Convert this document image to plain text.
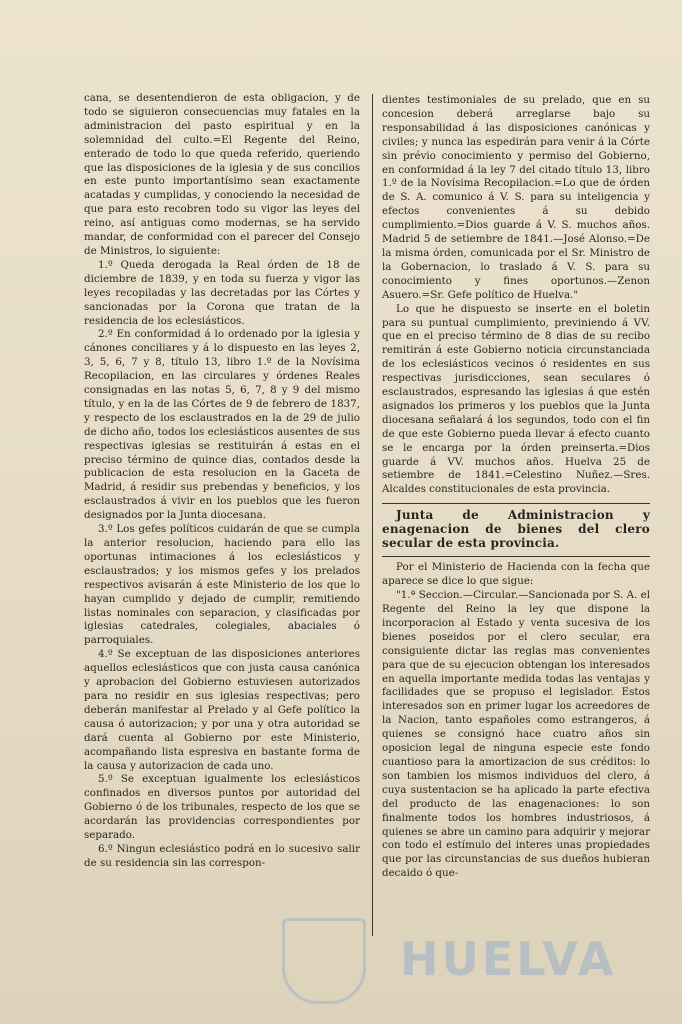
cana, se desentendieron de esta obligacion, y de todo se siguieron consecuencias muy fatales en la administracion del pasto espiritual y en la solemnidad del culto.=El Regente del Reino, enterado de todo lo que queda referido, queriendo que las disposiciones de la iglesia y de sus concilios en este punto importantísimo sean exactamente acatadas y cumplidas, y conociendo la necesidad de que para esto recobren todo su vigor las leyes del reino, así antiguas como modernas, se ha servido mandar, de conformidad con el parecer del Consejo de Ministros, lo siguiente:

1.º Queda derogada la Real órden de 18 de diciembre de 1839, y en toda su fuerza y vigor las leyes recopiladas y las decretadas por las Córtes y sancionadas por la Corona que tratan de la residencia de los eclesiásticos.

2.º En conformidad á lo ordenado por la iglesia y cánones conciliares y á lo dispuesto en las leyes 2, 3, 5, 6, 7 y 8, título 13, libro 1.º de la Novísima Recopilacion, en las circulares y órdenes Reales consignadas en las notas 5, 6, 7, 8 y 9 del mismo título, y en la de las Córtes de 9 de febrero de 1837, y respecto de los esclaustrados en la de 29 de julio de dicho año, todos los eclesiásticos ausentes de sus respectivas iglesias se restituirán á estas en el preciso término de quince dias, contados desde la publicacion de esta resolucion en la Gaceta de Madrid, á residir sus prebendas y beneficios, y los esclaustrados á vivir en los pueblos que les fueron designados por la Junta diocesana.

3.º Los gefes políticos cuidarán de que se cumpla la anterior resolucion, haciendo para ello las oportunas intimaciones á los eclesiásticos y esclaustrados; y los mismos gefes y los prelados respectivos avisarán á este Ministerio de los que lo hayan cumplido y dejado de cumplir, remitiendo listas nominales con separacion, y clasificadas por iglesias catedrales, colegiales, abaciales ó parroquiales.

4.º Se exceptuan de las disposiciones anteriores aquellos eclesiásticos que con justa causa canónica y aprobacion del Gobierno estuviesen autorizados para no residir en sus iglesias respectivas; pero deberán manifestar al Prelado y al Gefe político la causa ó autorizacion; y por una y otra autoridad se dará cuenta al Gobierno por este Ministerio, acompañando lista espresiva en bastante forma de la causa y autorizacion de cada uno.

5.º Se exceptuan igualmente los eclesiásticos confinados en diversos puntos por autoridad del Gobierno ó de los tribunales, respecto de los que se acordarán las providencias correspondientes por separado.

6.º Ningun eclesiástico podrá en lo sucesivo salir de su residencia sin las correspon-

dientes testimoniales de su prelado, que en su concesion deberá arreglarse bajo su responsabilidad á las disposiciones canónicas y civiles; y nunca las espedirán para venir á la Córte sin prévio conocimiento y permiso del Gobierno, en conformidad á la ley 7 del citado título 13, libro 1.º de la Novísima Recopilacion.=Lo que de órden de S. A. comunico á V. S. para su inteligencia y efectos convenientes á su debido cumplimiento.=Dios guarde á V. S. muchos años. Madrid 5 de setiembre de 1841.—José Alonso.=De la misma órden, comunicada por el Sr. Ministro de la Gobernacion, lo traslado á V. S. para su conocimiento y fines oportunos.—Zenon Asuero.=Sr. Gefe político de Huelva."

Lo que he dispuesto se inserte en el boletin para su puntual cumplimiento, previniendo á VV. que en el preciso término de 8 dias de su recibo remitirán á este Gobierno noticia circunstanciada de los eclesiásticos vecinos ó residentes en sus respectivas jurisdicciones, sean seculares ó esclaustrados, espresando las iglesias á que estén asignados los primeros y los pueblos que la Junta diocesana señalará á los segundos, todo con el fin de que este Gobierno pueda llevar á efecto cuanto se le encarga por la órden preinserta.=Dios guarde á VV. muchos años. Huelva 25 de setiembre de 1841.=Celestino Nuñez.—Sres. Alcaldes constitucionales de esta provincia.

Junta de Administracion y enagenacion de bienes del clero secular de esta provincia.

Por el Ministerio de Hacienda con la fecha que aparece se dice lo que sigue:

"1.ª Seccion.—Circular.—Sancionada por S. A. el Regente del Reino la ley que dispone la incorporacion al Estado y venta sucesiva de los bienes poseidos por el clero secular, era consiguiente dictar las reglas mas convenientes para que de su ejecucion obtengan los interesados en aquella importante medida todas las ventajas y facilidades que se propuso el legislador. Estos interesados son en primer lugar los acreedores de la Nacion, tanto españoles como estrangeros, á quienes se consignó hace cuatro años sin oposicion legal de ninguna especie este fondo cuantioso para la amortizacion de sus créditos: lo son tambien los mismos individuos del clero, á cuya sustentacion se ha aplicado la parte efectiva del producto de las enagenaciones: lo son finalmente todos los hombres industriosos, á quienes se abre un camino para adquirir y mejorar con todo el estímulo del interes unas propiedades que por las circunstancias de sus dueños hubieran decaido ó que-

HUELVA
